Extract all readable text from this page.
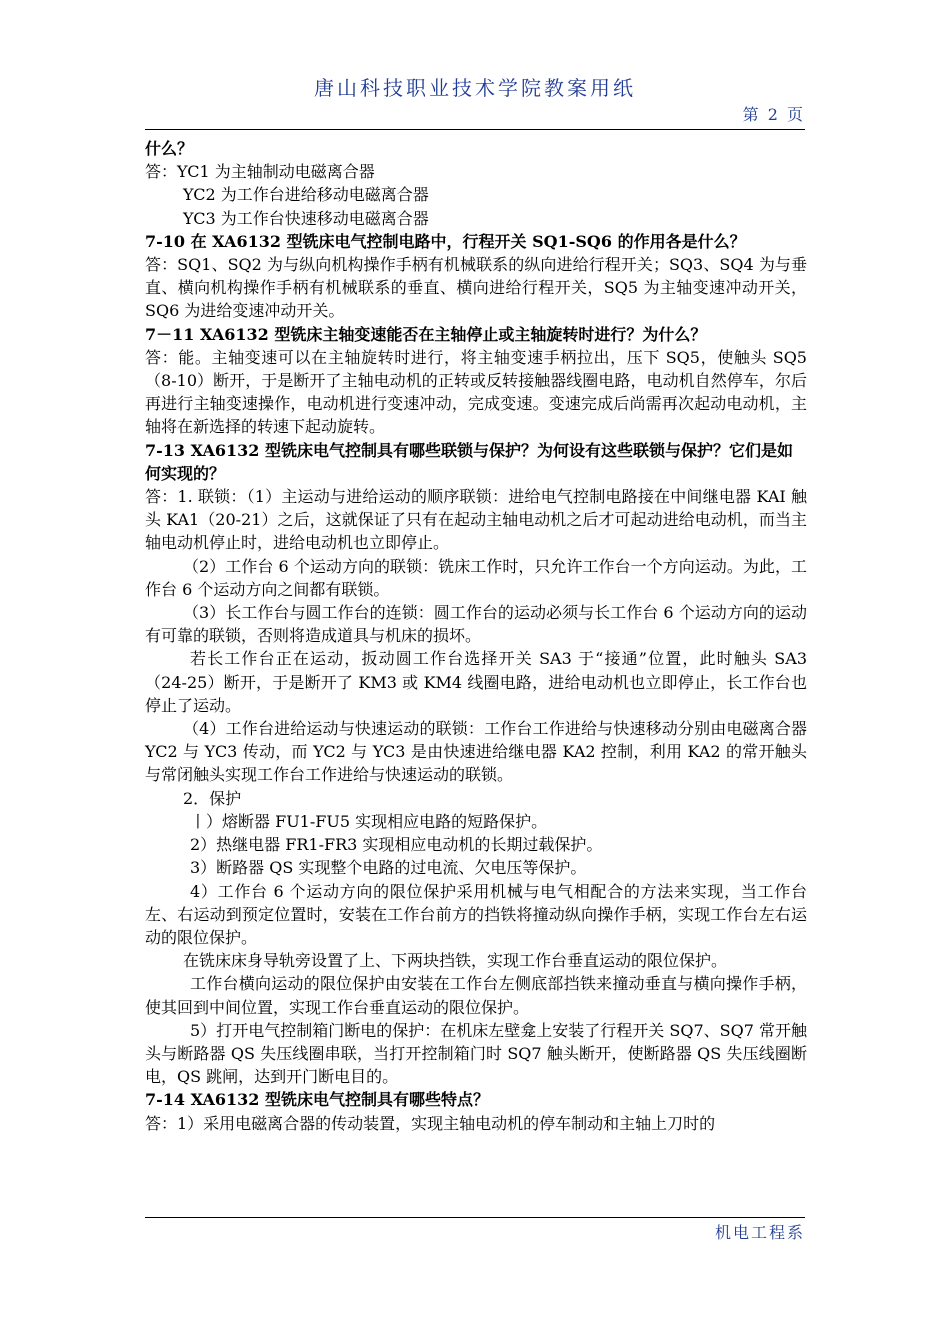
唐山科技职业技术学院教案用纸
第 2 页

什么？

答：YC1 为主轴制动电磁离合器

YC2 为工作台进给移动电磁离合器

YC3 为工作台快速移动电磁离合器

7-10 在 XA6132 型铣床电气控制电路中，行程开关 SQ1-SQ6 的作用各是什么？

答：SQ1、SQ2 为与纵向机构操作手柄有机械联系的纵向进给行程开关；SQ3、SQ4 为与垂直、横向机构操作手柄有机械联系的垂直、横向进给行程开关，SQ5 为主轴变速冲动开关，SQ6 为进给变速冲动开关。

7－11 XA6132 型铣床主轴变速能否在主轴停止或主轴旋转时进行？为什么？

答：能。主轴变速可以在主轴旋转时进行，将主轴变速手柄拉出，压下 SQ5，使触头 SQ5（8-10）断开，于是断开了主轴电动机的正转或反转接触器线圈电路，电动机自然停车，尔后再进行主轴变速操作，电动机进行变速冲动，完成变速。变速完成后尚需再次起动电动机，主轴将在新选择的转速下起动旋转。

7-13 XA6132 型铣床电气控制具有哪些联锁与保护？为何设有这些联锁与保护？它们是如何实现的？

答：1. 联锁：（1）主运动与进给运动的顺序联锁：进给电气控制电路接在中间继电器 KAI 触头 KA1（20-21）之后，这就保证了只有在起动主轴电动机之后才可起动进给电动机，而当主轴电动机停止时，进给电动机也立即停止。

（2）工作台 6 个运动方向的联锁：铣床工作时，只允许工作台一个方向运动。为此，工作台 6 个运动方向之间都有联锁。

（3）长工作台与圆工作台的连锁：圆工作台的运动必须与长工作台 6 个运动方向的运动有可靠的联锁，否则将造成道具与机床的损坏。

若长工作台正在运动，扳动圆工作台选择开关 SA3 于“接通”位置，此时触头 SA3（24-25）断开，于是断开了 KM3 或 KM4 线圈电路，进给电动机也立即停止，长工作台也停止了运动。

（4）工作台进给运动与快速运动的联锁：工作台工作进给与快速移动分别由电磁离合器 YC2 与 YC3 传动，而 YC2 与 YC3 是由快速进给继电器 KA2 控制，利用 KA2 的常开触头与常闭触头实现工作台工作进给与快速运动的联锁。

2．保护

丨）熔断器 FU1-FU5 实现相应电路的短路保护。

2）热继电器 FR1-FR3 实现相应电动机的长期过载保护。

3）断路器 QS 实现整个电路的过电流、欠电压等保护。

4）工作台 6 个运动方向的限位保护采用机械与电气相配合的方法来实现，当工作台左、右运动到预定位置时，安装在工作台前方的挡铁将撞动纵向操作手柄，实现工作台左右运动的限位保护。

在铣床床身导轨旁设置了上、下两块挡铁，实现工作台垂直运动的限位保护。

工作台横向运动的限位保护由安装在工作台左侧底部挡铁来撞动垂直与横向操作手柄，使其回到中间位置，实现工作台垂直运动的限位保护。

5）打开电气控制箱门断电的保护：在机床左壁龛上安装了行程开关 SQ7、SQ7 常开触头与断路器 QS 失压线圈串联，当打开控制箱门时 SQ7 触头断开，使断路器 QS 失压线圈断电，QS 跳闸，达到开门断电目的。

7-14 XA6132 型铣床电气控制具有哪些特点？

答：1）采用电磁离合器的传动装置，实现主轴电动机的停车制动和主轴上刀时的

机电工程系
